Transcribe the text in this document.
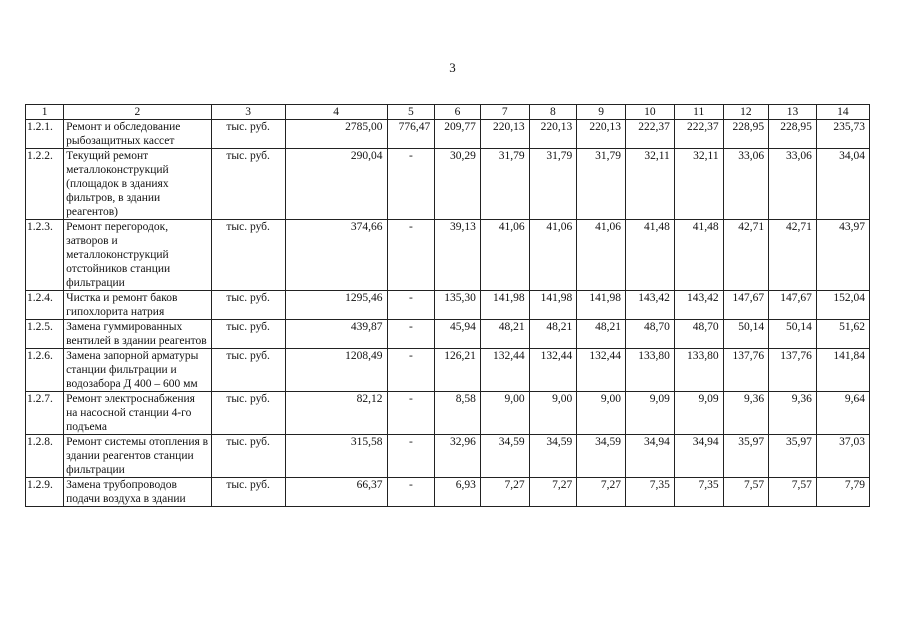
3
1	2	3	4	5	6	7	8	9	10	11	12	13	14
1.2.1.	Ремонт и обследование рыбозащитных кассет	тыс. руб.	2785,00	776,47	209,77	220,13	220,13	220,13	222,37	222,37	228,95	228,95	235,73
1.2.2.	Текущий ремонт металлоконструкций (площадок в зданиях фильтров, в здании реагентов)	тыс. руб.	290,04	-	30,29	31,79	31,79	31,79	32,11	32,11	33,06	33,06	34,04
1.2.3.	Ремонт перегородок, затворов и металлоконструкций отстойников станции фильтрации	тыс. руб.	374,66	-	39,13	41,06	41,06	41,06	41,48	41,48	42,71	42,71	43,97
1.2.4.	Чистка и ремонт баков гипохлорита натрия	тыс. руб.	1295,46	-	135,30	141,98	141,98	141,98	143,42	143,42	147,67	147,67	152,04
1.2.5.	Замена гуммированных вентилей в здании реагентов	тыс. руб.	439,87	-	45,94	48,21	48,21	48,21	48,70	48,70	50,14	50,14	51,62
1.2.6.	Замена запорной арматуры станции фильтрации и водозабора Д 400 – 600 мм	тыс. руб.	1208,49	-	126,21	132,44	132,44	132,44	133,80	133,80	137,76	137,76	141,84
1.2.7.	Ремонт электроснабжения на насосной станции 4-го подъема	тыс. руб.	82,12	-	8,58	9,00	9,00	9,00	9,09	9,09	9,36	9,36	9,64
1.2.8.	Ремонт системы отопления в здании реагентов станции фильтрации	тыс. руб.	315,58	-	32,96	34,59	34,59	34,59	34,94	34,94	35,97	35,97	37,03
1.2.9.	Замена трубопроводов подачи воздуха в здании	тыс. руб.	66,37	-	6,93	7,27	7,27	7,27	7,35	7,35	7,57	7,57	7,79
